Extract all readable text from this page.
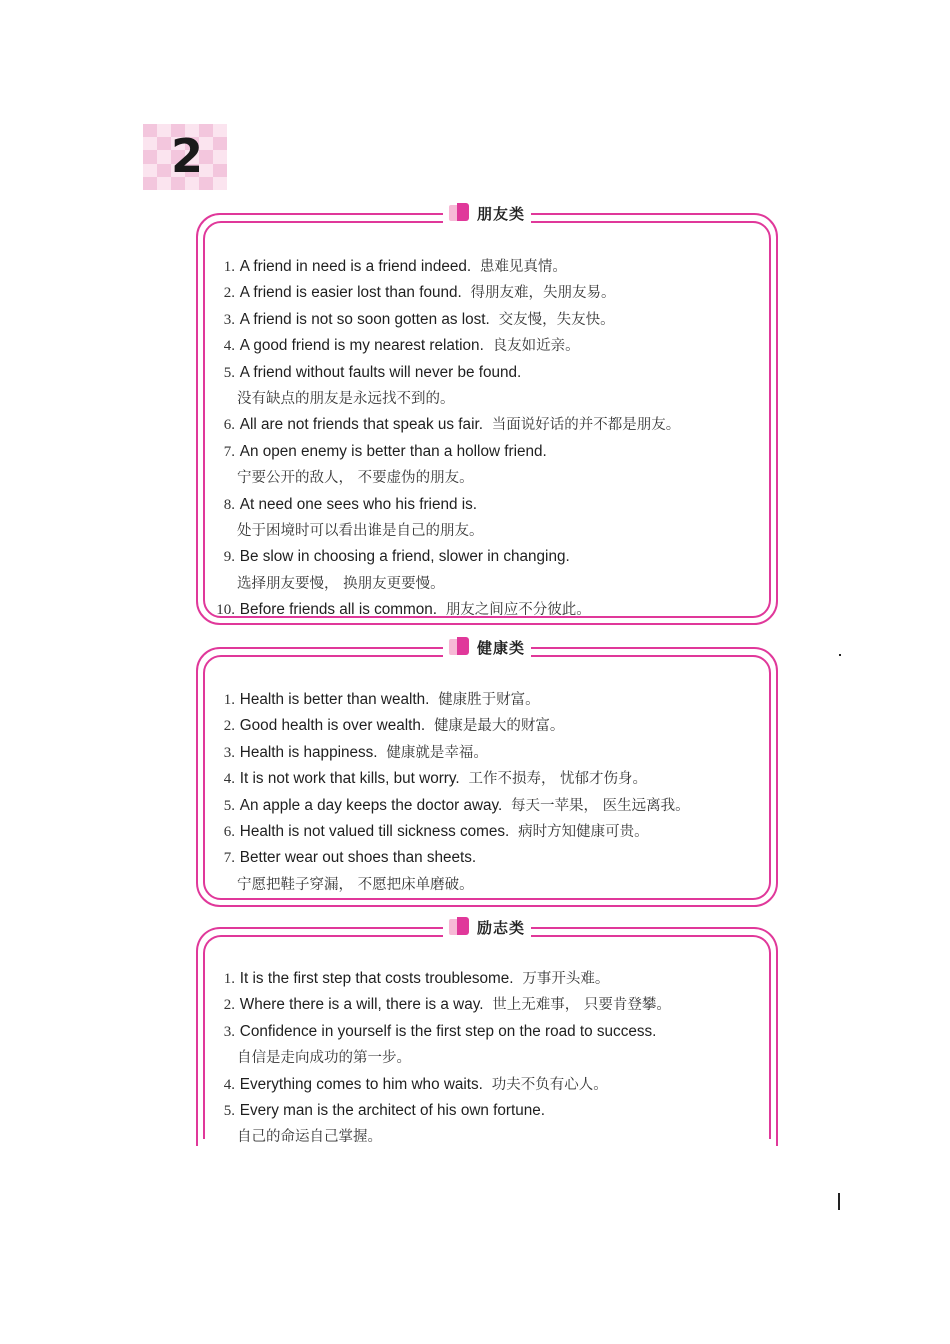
2
朋友类
1. A friend in need is a friend indeed. 患难见真情。
2. A friend is easier lost than found. 得朋友难，失朋友易。
3. A friend is not so soon gotten as lost. 交友慢，失友快。
4. A good friend is my nearest relation. 良友如近亲。
5. A friend without faults will never be found.
没有缺点的朋友是永远找不到的。
6. All are not friends that speak us fair. 当面说好话的并不都是朋友。
7. An open enemy is better than a hollow friend.
宁要公开的敌人， 不要虚伪的朋友。
8. At need one sees who his friend is.
处于困境时可以看出谁是自己的朋友。
9. Be slow in choosing a friend, slower in changing.
选择朋友要慢， 换朋友更要慢。
10. Before friends all is common. 朋友之间应不分彼此。
健康类
1. Health is better than wealth. 健康胜于财富。
2. Good health is over wealth. 健康是最大的财富。
3. Health is happiness. 健康就是幸福。
4. It is not work that kills, but worry. 工作不损寿， 忧郁才伤身。
5. An apple a day keeps the doctor away. 每天一苹果， 医生远离我。
6. Health is not valued till sickness comes. 病时方知健康可贵。
7. Better wear out shoes than sheets.
宁愿把鞋子穿漏， 不愿把床单磨破。
励志类
1. It is the first step that costs troublesome. 万事开头难。
2. Where there is a will, there is a way. 世上无难事， 只要肯登攀。
3. Confidence in yourself is the first step on the road to success.
自信是走向成功的第一步。
4. Everything comes to him who waits. 功夫不负有心人。
5. Every man is the architect of his own fortune.
自己的命运自己掌握。
